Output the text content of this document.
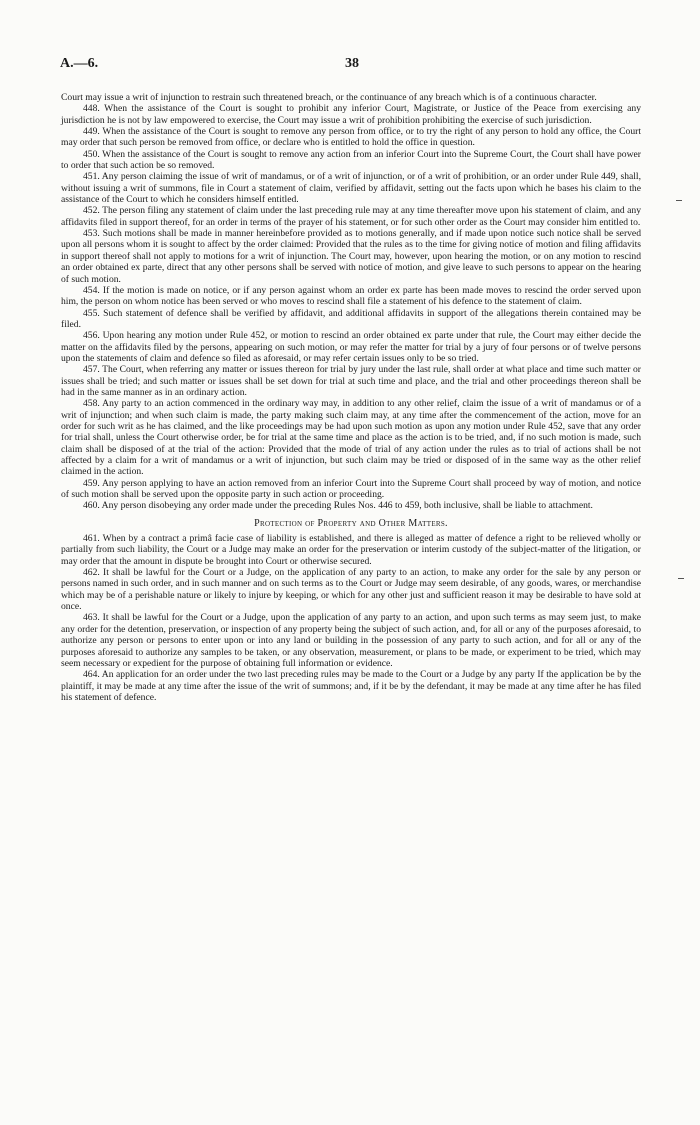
A.—6.	38

Court may issue a writ of injunction to restrain such threatened breach, or the continuance of any breach which is of a continuous character.

448. When the assistance of the Court is sought to prohibit any inferior Court, Magistrate, or Justice of the Peace from exercising any jurisdiction he is not by law empowered to exercise, the Court may issue a writ of prohibition prohibiting the exercise of such jurisdiction.

449. When the assistance of the Court is sought to remove any person from office, or to try the right of any person to hold any office, the Court may order that such person be removed from office, or declare who is entitled to hold the office in question.

450. When the assistance of the Court is sought to remove any action from an inferior Court into the Supreme Court, the Court shall have power to order that such action be so removed.

451. Any person claiming the issue of writ of mandamus, or of a writ of injunction, or of a writ of prohibition, or an order under Rule 449, shall, without issuing a writ of summons, file in Court a statement of claim, verified by affidavit, setting out the facts upon which he bases his claim to the assistance of the Court to which he considers himself entitled.

452. The person filing any statement of claim under the last preceding rule may at any time thereafter move upon his statement of claim, and any affidavits filed in support thereof, for an order in terms of the prayer of his statement, or for such other order as the Court may consider him entitled to.

453. Such motions shall be made in manner hereinbefore provided as to motions generally, and if made upon notice such notice shall be served upon all persons whom it is sought to affect by the order claimed: Provided that the rules as to the time for giving notice of motion and filing affidavits in support thereof shall not apply to motions for a writ of injunction. The Court may, however, upon hearing the motion, or on any motion to rescind an order obtained ex parte, direct that any other persons shall be served with notice of motion, and give leave to such persons to appear on the hearing of such motion.

454. If the motion is made on notice, or if any person against whom an order ex parte has been made moves to rescind the order served upon him, the person on whom notice has been served or who moves to rescind shall file a statement of his defence to the statement of claim.

455. Such statement of defence shall be verified by affidavit, and additional affidavits in support of the allegations therein contained may be filed.

456. Upon hearing any motion under Rule 452, or motion to rescind an order obtained ex parte under that rule, the Court may either decide the matter on the affidavits filed by the persons, appearing on such motion, or may refer the matter for trial by a jury of four persons or of twelve persons upon the statements of claim and defence so filed as aforesaid, or may refer certain issues only to be so tried.

457. The Court, when referring any matter or issues thereon for trial by jury under the last rule, shall order at what place and time such matter or issues shall be tried; and such matter or issues shall be set down for trial at such time and place, and the trial and other proceedings thereon shall be had in the same manner as in an ordinary action.

458. Any party to an action commenced in the ordinary way may, in addition to any other relief, claim the issue of a writ of mandamus or of a writ of injunction; and when such claim is made, the party making such claim may, at any time after the commencement of the action, move for an order for such writ as he has claimed, and the like proceedings may be had upon such motion as upon any motion under Rule 452, save that any order for trial shall, unless the Court otherwise order, be for trial at the same time and place as the action is to be tried, and, if no such motion is made, such claim shall be disposed of at the trial of the action: Provided that the mode of trial of any action under the rules as to trial of actions shall be not affected by a claim for a writ of mandamus or a writ of injunction, but such claim may be tried or disposed of in the same way as the other relief claimed in the action.

459. Any person applying to have an action removed from an inferior Court into the Supreme Court shall proceed by way of motion, and notice of such motion shall be served upon the opposite party in such action or proceeding.

460. Any person disobeying any order made under the preceding Rules Nos. 446 to 459, both inclusive, shall be liable to attachment.

Protection of Property and Other Matters.

461. When by a contract a primâ facie case of liability is established, and there is alleged as matter of defence a right to be relieved wholly or partially from such liability, the Court or a Judge may make an order for the preservation or interim custody of the subject-matter of the litigation, or may order that the amount in dispute be brought into Court or otherwise secured.

462. It shall be lawful for the Court or a Judge, on the application of any party to an action, to make any order for the sale by any person or persons named in such order, and in such manner and on such terms as to the Court or Judge may seem desirable, of any goods, wares, or merchandise which may be of a perishable nature or likely to injure by keeping, or which for any other just and sufficient reason it may be desirable to have sold at once.

463. It shall be lawful for the Court or a Judge, upon the application of any party to an action, and upon such terms as may seem just, to make any order for the detention, preservation, or inspection of any property being the subject of such action, and, for all or any of the purposes aforesaid, to authorize any person or persons to enter upon or into any land or building in the possession of any party to such action, and for all or any of the purposes aforesaid to authorize any samples to be taken, or any observation, measurement, or plans to be made, or experiment to be tried, which may seem necessary or expedient for the purpose of obtaining full information or evidence.

464. An application for an order under the two last preceding rules may be made to the Court or a Judge by any party If the application be by the plaintiff, it may be made at any time after the issue of the writ of summons; and, if it be by the defendant, it may be made at any time after he has filed his statement of defence.
